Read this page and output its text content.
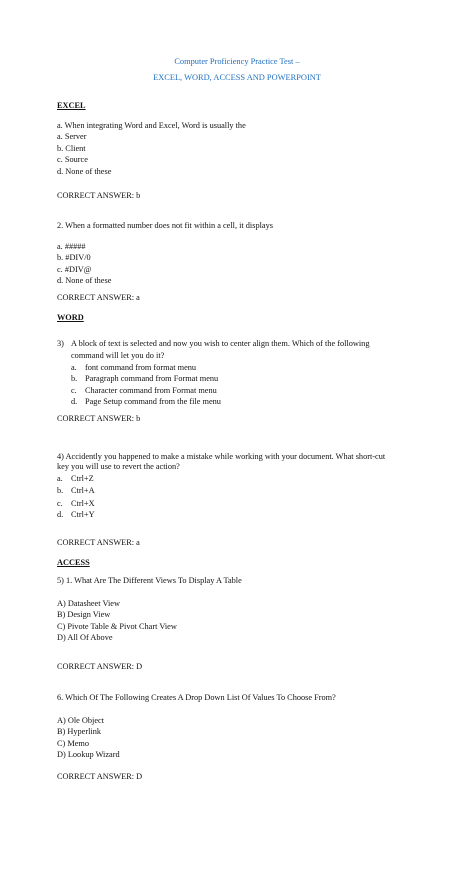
Computer Proficiency Practice Test –
EXCEL, WORD, ACCESS AND POWERPOINT
EXCEL
a. When integrating Word and Excel, Word is usually the
a. Server
b. Client
c. Source
d. None of these
CORRECT ANSWER: b
2. When a formatted number does not fit within a cell, it displays
a. #####
b. #DIV/0
c. #DIV@
d. None of these
CORRECT ANSWER: a
WORD
3) A block of text is selected and now you wish to center align them. Which of the following
command will let you do it?
a. font command from format menu
b. Paragraph command from Format menu
c. Character command from Format menu
d. Page Setup command from the file menu
CORRECT ANSWER: b
4) Accidently you happened to make a mistake while working with your document. What short-cut
key you will use to revert the action?
a. Ctrl+Z
b. Ctrl+A
c. Ctrl+X
d. Ctrl+Y
CORRECT ANSWER: a
ACCESS
5) 1. What Are The Different Views To Display A Table
A) Datasheet View
B) Design View
C) Pivote Table & Pivot Chart View
D) All Of Above
CORRECT ANSWER: D
6. Which Of The Following Creates A Drop Down List Of Values To Choose From?
A) Ole Object
B) Hyperlink
C) Memo
D) Lookup Wizard
CORRECT ANSWER: D
